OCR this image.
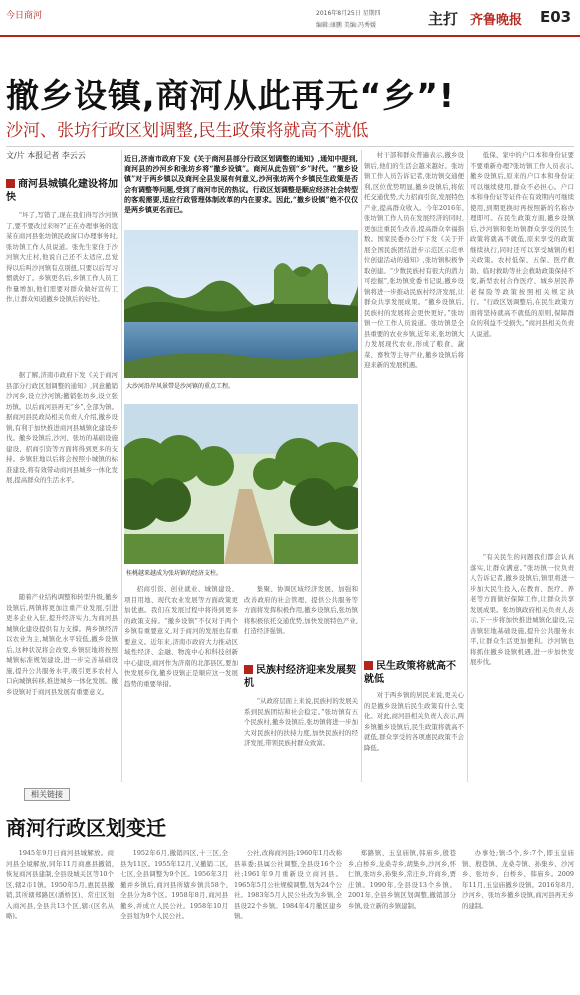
今日商河	2016年8月25日 星期四
编辑:康鹏 美编:冯秀媛	主打 齐鲁晚报 E03
撤乡设镇,商河从此再无“乡”!
沙河、张坊行政区划调整,民生政策将就高不就低
文/片 本报记者 李云云
商河县城镇化建设将加快

“坏了,写错了,现在我们得写沙河镇了,要不要改过来呀?”正在办理事务的寇某在商河县张坊镇民政窗口办理事务时,张坊镇工作人员说道。张先生家住于沙河镇大庄村,他说自己还不太适应,总觉得以后叫沙河镇有点别扭,只要以后写习惯就好了。乡镇更名后,乡镇工作人员工作量增加,他们需要对群众做好宣传工作,让群众知道撤乡设镇后的好处。

据了解,济南市政府下发《关于商河县部分行政区划调整的通知》,同意撤销沙河乡,设立沙河镇;撤销张坊乡,设立张坊镇。以后商河县再无“乡”,全部为镇。据商河县民政局相关负责人介绍,撤乡设镇,有利于加快推进商河县城镇化建设步伐。撤乡设镇后,沙河、张坊的基础设施建设、招商引资等方面将得到更多的支持。乡镇驻地以后将会按照小城镇的标准建设,将有效带动商河县城乡一体化发展,提高群众的生活水平。

随着产业结构调整和转型升级,撤乡设镇后,两镇将更加注重产业发展,引进更多企业入驻,提升经济实力,为商河县城镇化建设提供有力支撑。两乡镇经济以农业为主,城镇化水平较低,撤乡设镇后,这种状况将会改变,乡镇驻地将按照城镇标准规划建设,进一步完善基础设施,提升公共服务水平,吸引更多农村人口向城镇转移,推进城乡一体化发展。撤乡设镇对于商河县发展有重要意义。

近日,济南市政府下发《关于商河县部分行政区划调整的通知》,通知中提到,商河县的沙河乡和张坊乡将“撤乡设镇”。商河从此告别“乡”时代。“撤乡设镇”对于两乡镇以及商河全县发展有何意义,沙河张坊两个乡镇民生政策是否会有调整等问题,受到了商河市民的热议。行政区划调整是顺应经济社会转型的客观需要,适应行政管理体制改革的内在要求。因此,“撤乡设镇”绝不仅仅是两乡镇更名而已。
大沙河沿岸风景带是沙河镇的重点工程。
桂桃越来越成为张坊镇的经济支柱。

招商引资、创业就业、城镇建设、项目用地、现代农业发展等方面政策更加优惠。我们在发展过程中将得到更多的政策支持。“撤乡设镇”不仅对于两个乡镇有重要意义,对于商河的发展也有重要意义。近年来,济南市政府大力推动区域性经济、金融、物流中心和科技创新中心建设,商河作为济南的北部县区,要加快发展步伐,撤乡设镇正是顺应这一发展趋势的重要举措。

集聚、协调区域经济发展、加强和改善政府的社会管理、提供公共服务等方面将发挥积极作用,撤乡设镇后,张坊镇将积极依托交通优势,加快发展特色产业,打造经济强镇。

民族村经济迎来发展契机

“从政府层面上来说,民族村的发展关系到民族团结和社会稳定。”张坊镇有五个民族村,撤乡设镇后,张坊镇将进一步加大对民族村的扶持力度,加快民族村的经济发展,带领民族村群众致富。

村干部和群众普遍表示,撤乡设镇后,他们的生活会越来越好。张坊镇工作人员告诉记者,张坊镇交通便利,区位优势明显,撤乡设镇后,将依托交通优势,大力招商引资,发展特色产业,提高群众收入。今年2016年,张坊镇工作人员在发展经济的同时,更加注重民生改善,提高群众幸福指数。国家民委办公厅下发《关于开展全国民族团结进步示范区示范单位创建活动的通知》,张坊镇积极争取创建。“少数民族村有很大的潜力可挖掘”,张坊镇党委书记说,撤乡设镇将进一步推动民族村经济发展,让群众共享发展成果。“撤乡设镇后,民族村的发展将会更快更好。”张坊镇一位工作人员说道。张坊镇是全县重要的农业乡镇,近年来,张坊镇大力发展现代农业,形成了粮食、蔬菜、畜牧等主导产业,撤乡设镇后将迎来新的发展机遇。

民生政策将就高不就低

对于两乡镇的居民来说,更关心的是撤乡设镇后民生政策有什么变化。对此,商河县相关负责人表示,两乡镇撤乡设镇后,民生政策将就高不就低,群众享受的各项惠民政策不会降低。

低保、家中的户口本和身份证要不要重新办理?张坊镇工作人员表示,撤乡设镇后,原来的户口本和身份证可以继续使用,群众不必担心。户口本和身份证等证件在有效期内可继续使用,到期更换时再按照新的名称办理即可。在民生政策方面,撤乡设镇后,沙河镇和张坊镇群众享受的民生政策将就高不就低,原来享受的政策继续执行,同时还可以享受城镇的相关政策。农村低保、五保、医疗救助、临时救助等社会救助政策保持不变,新型农村合作医疗、城乡居民养老保险等政策按照相关规定执行。“行政区划调整后,在民生政策方面将坚持就高不就低的原则,保障群众的利益不受损失。”商河县相关负责人说道。

“有关民生的问题我们都会认真落实,让群众满意。”张坊镇一位负责人告诉记者,撤乡设镇后,镇里将进一步加大民生投入,在教育、医疗、养老等方面做好保障工作,让群众共享发展成果。张坊镇政府相关负责人表示,下一步将加快推进城镇化建设,完善镇驻地基础设施,提升公共服务水平,让群众生活更加便利。沙河镇也将抓住撤乡设镇机遇,进一步加快发展步伐。

相关链接
商河行政区划变迁

1945年9月日商河县城解放。商河县全境解放,同年11月商惠县撤销,恢复商河县建制,全县设城关区等10个区,辖2市1镇。1950年5月,惠民县撤销,其所辖郑路区(潘桥区)、常庄区划入商河县,全县共13个区,辖:(区名从略)。

1952年6月,撤销四区,十三区,全县为11区。1955年12月,又撤销二区,七区,全县调整为9个区。1956年3月撤并乡镇后,商河县所辖乡镇共58个,全县分为8个区。1958年8月,商河县撤乡,并成立人民公社。1958年10月全县划为9个人民公社。

公社,改称商河县;1960年1月改称县革委;县属公社调整,全县设16个公社;1961年9月重新设立商河县。1965年5月公社规模调整,划为24个公社。1983年5月人民公社改为乡镇,全县设22个乡镇。1984年4月撤区建乡镇。

郑路镇、玉皇庙镇,韩庙乡,殷巷乡,白桥乡,龙桑寺乡,胡集乡,沙河乡,怀仁镇,张坊乡,孙集乡,常庄乡,许商乡,贾庄镇。1990年,全县设13个乡镇。2001年,全县乡镇区划调整,撤销部分乡镇,设立新的乡镇建制。

办事处;镇:5个,乡:7个,即玉皇庙镇、殷巷镇、龙桑寺镇、孙集乡、沙河乡、张坊乡、白桥乡、韩庙乡。2009年11月,玉皇庙撤乡设镇。2016年8月,沙河乡、张坊乡撤乡设镇,商河县再无乡的建制。
